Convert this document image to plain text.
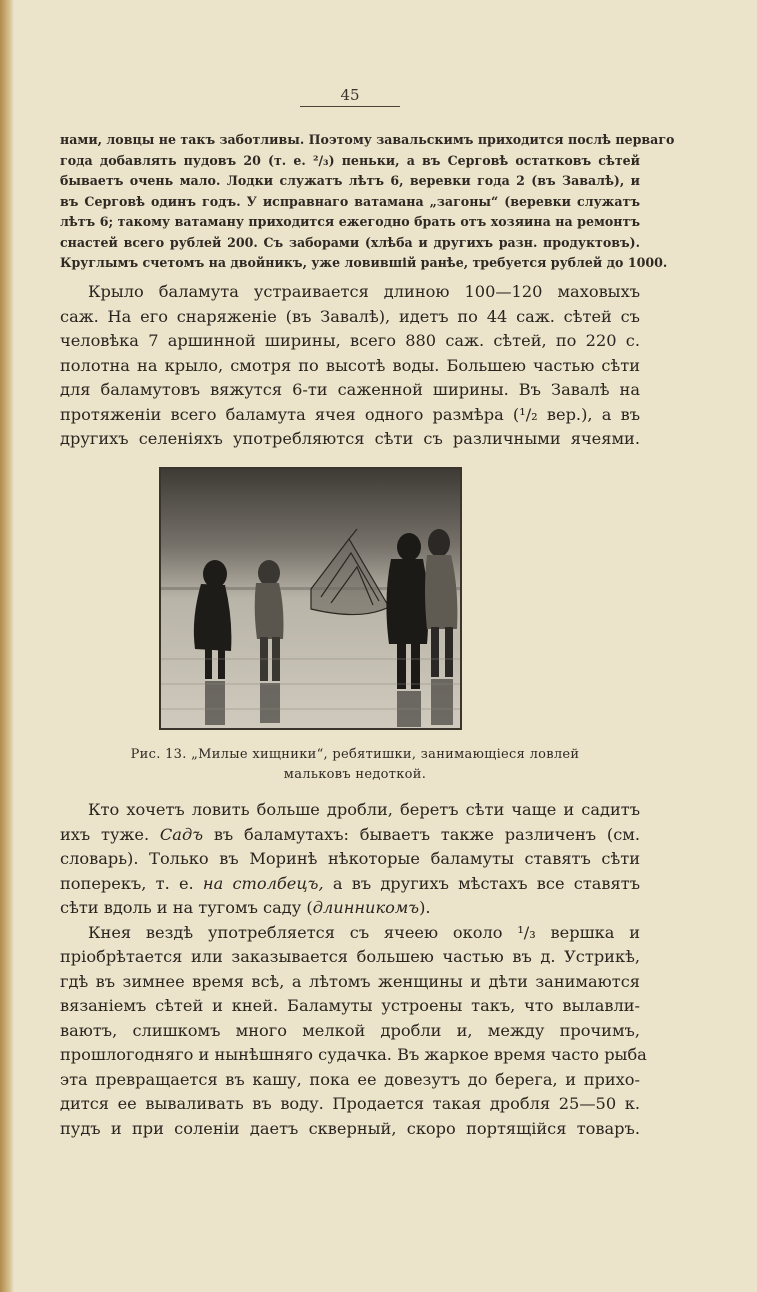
45
нами, ловцы не такъ заботливы. Поэтому завальскимъ приходится послѣ перваго
года добавлять пудовъ 20 (т. е. ²/₃) пеньки, а въ Серговѣ остатковъ сѣтей
бываетъ очень мало. Лодки служатъ лѣтъ 6, веревки года 2 (въ Завалѣ), и
въ Серговѣ одинъ годъ. У исправнаго ватамана „загоны“ (веревки служатъ
лѣтъ 6; такому ватаману приходится ежегодно брать отъ хозяина на ремонтъ
снастей всего рублей 200. Съ заборами (хлѣба и другихъ разн. продуктовъ).
Круглымъ счетомъ на двойникъ, уже ловившій ранѣе, требуется рублей до 1000.
Крыло баламута устраивается длиною 100—120 маховыхъ
саж. На его снаряженіе (въ Завалѣ), идетъ по 44 саж. сѣтей съ
человѣка 7 аршинной ширины, всего 880 саж. сѣтей, по 220 с.
полотна на крыло, смотря по высотѣ воды. Большею частью сѣти
для баламутовъ вяжутся 6-ти саженной ширины. Въ Завалѣ на
протяженіи всего баламута ячея одного размѣра (¹/₂ вер.), а въ
другихъ селеніяхъ употребляются сѣти съ различными ячеями.
Рис. 13. „Милые хищники“, ребятишки, занимающіеся ловлей
мальковъ недоткой.
Кто хочетъ ловить больше дробли, беретъ сѣти чаще и садитъ
ихъ туже. Садъ въ баламутахъ: бываетъ также различенъ (см.
словарь). Только въ Моринѣ нѣкоторые баламуты ставятъ сѣти
поперекъ, т. е. на столбецъ, а въ другихъ мѣстахъ все ставятъ
сѣти вдоль и на тугомъ саду (длинникомъ).
Кнея вездѣ употребляется съ ячеею около ¹/₃ вершка и
пріобрѣтается или заказывается большею частью въ д. Устрикѣ,
гдѣ въ зимнее время всѣ, а лѣтомъ женщины и дѣти занимаются
вязаніемъ сѣтей и кней. Баламуты устроены такъ, что вылавли-
ваютъ, слишкомъ много мелкой дробли и, между прочимъ,
прошлогодняго и нынѣшняго судачка. Въ жаркое время часто рыба
эта превращается въ кашу, пока ее довезутъ до берега, и прихо-
дится ее вываливать въ воду. Продается такая дробля 25—50 к.
пудъ и при соленіи даетъ скверный, скоро портящійся товаръ.
